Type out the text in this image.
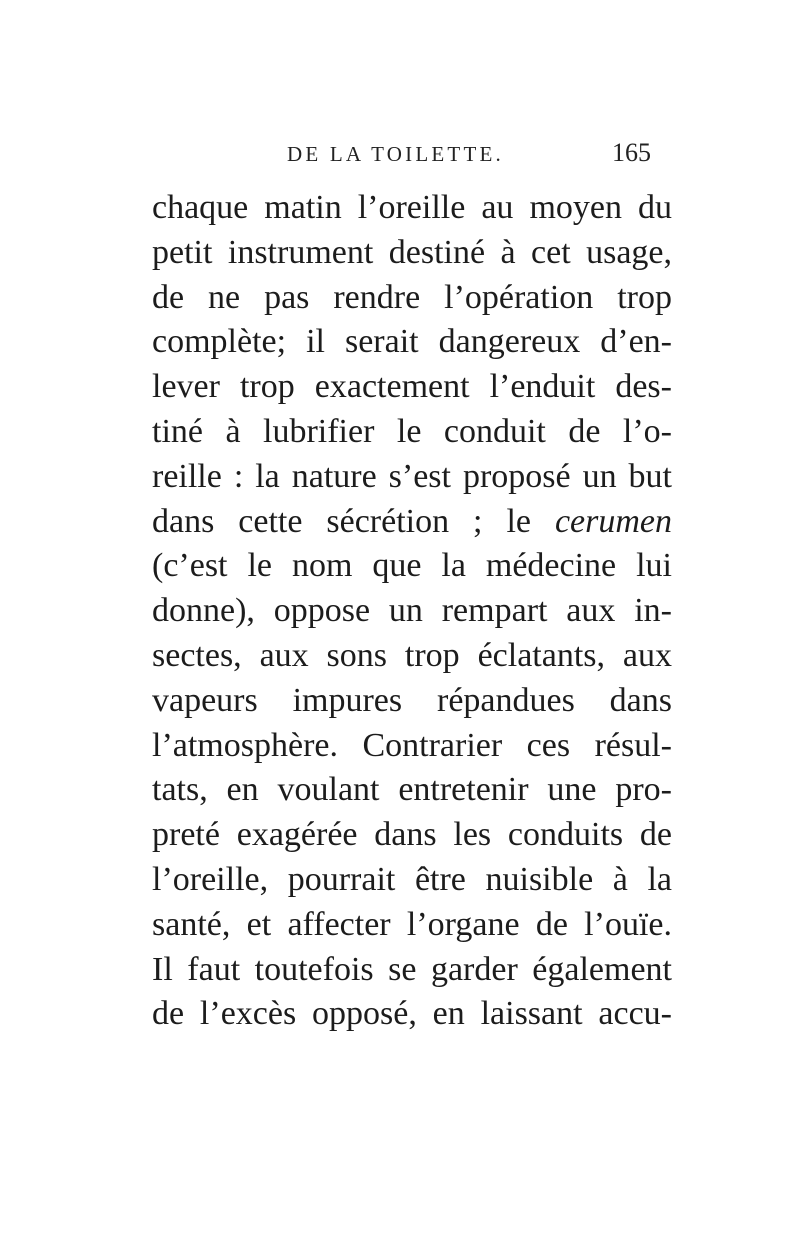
DE LA TOILETTE.	165
chaque matin l’oreille au moyen du
petit instrument destiné à cet usage,
de ne pas rendre l’opération trop
complète; il serait dangereux d’en-
lever trop exactement l’enduit des-
tiné à lubrifier le conduit de l’o-
reille : la nature s’est proposé un but
dans cette sécrétion ; le cerumen
(c’est le nom que la médecine lui
donne), oppose un rempart aux in-
sectes, aux sons trop éclatants, aux
vapeurs impures répandues dans
l’atmosphère. Contrarier ces résul-
tats, en voulant entretenir une pro-
preté exagérée dans les conduits de
l’oreille, pourrait être nuisible à la
santé, et affecter l’organe de l’ouïe.
Il faut toutefois se garder également
de l’excès opposé, en laissant accu-
